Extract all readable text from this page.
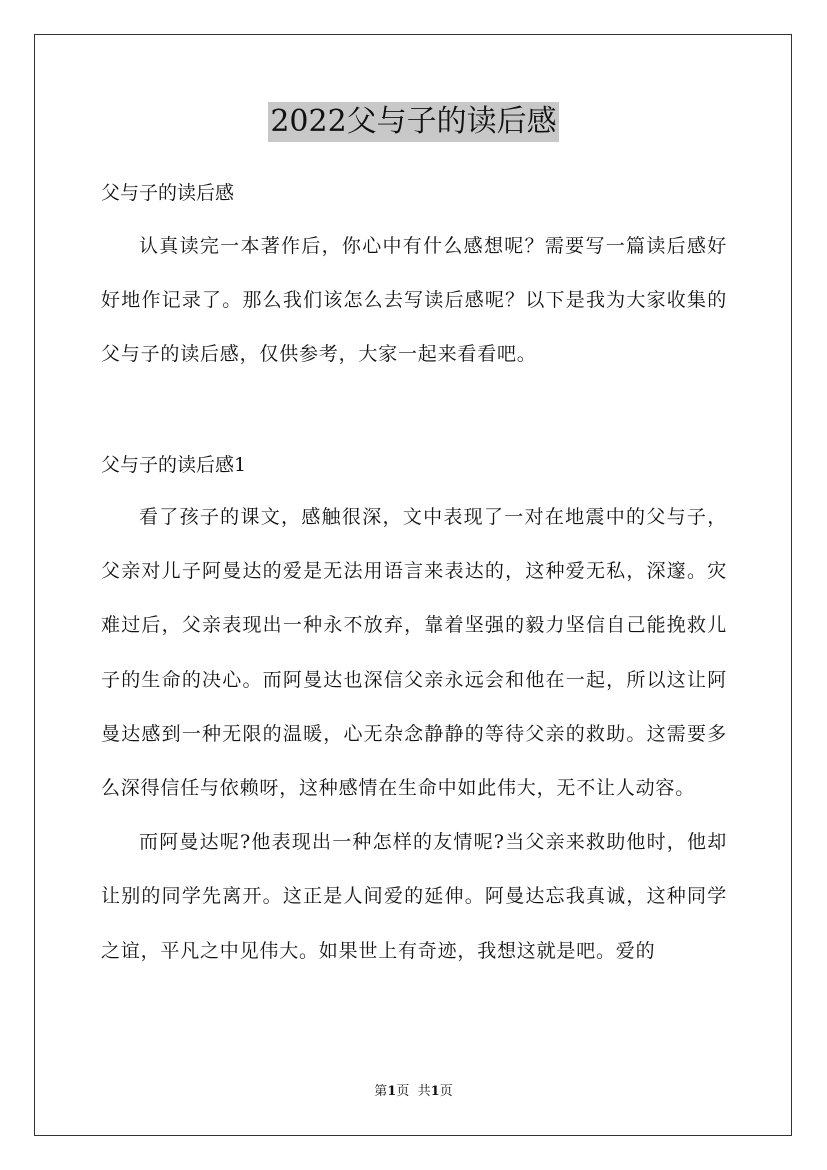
2022父与子的读后感
父与子的读后感

认真读完一本著作后，你心中有什么感想呢？需要写一篇读后感好好地作记录了。那么我们该怎么去写读后感呢？以下是我为大家收集的父与子的读后感，仅供参考，大家一起来看看吧。

父与子的读后感1

看了孩子的课文，感触很深，文中表现了一对在地震中的父与子，父亲对儿子阿曼达的爱是无法用语言来表达的，这种爱无私，深邃。灾难过后，父亲表现出一种永不放弃，靠着坚强的毅力坚信自己能挽救儿子的生命的决心。而阿曼达也深信父亲永远会和他在一起，所以这让阿曼达感到一种无限的温暖，心无杂念静静的等待父亲的救助。这需要多么深得信任与依赖呀，这种感情在生命中如此伟大，无不让人动容。

而阿曼达呢?他表现出一种怎样的友情呢?当父亲来救助他时，他却让别的同学先离开。这正是人间爱的延伸。阿曼达忘我真诚，这种同学之谊，平凡之中见伟大。如果世上有奇迹，我想这就是吧。爱的

第1页 共1页
